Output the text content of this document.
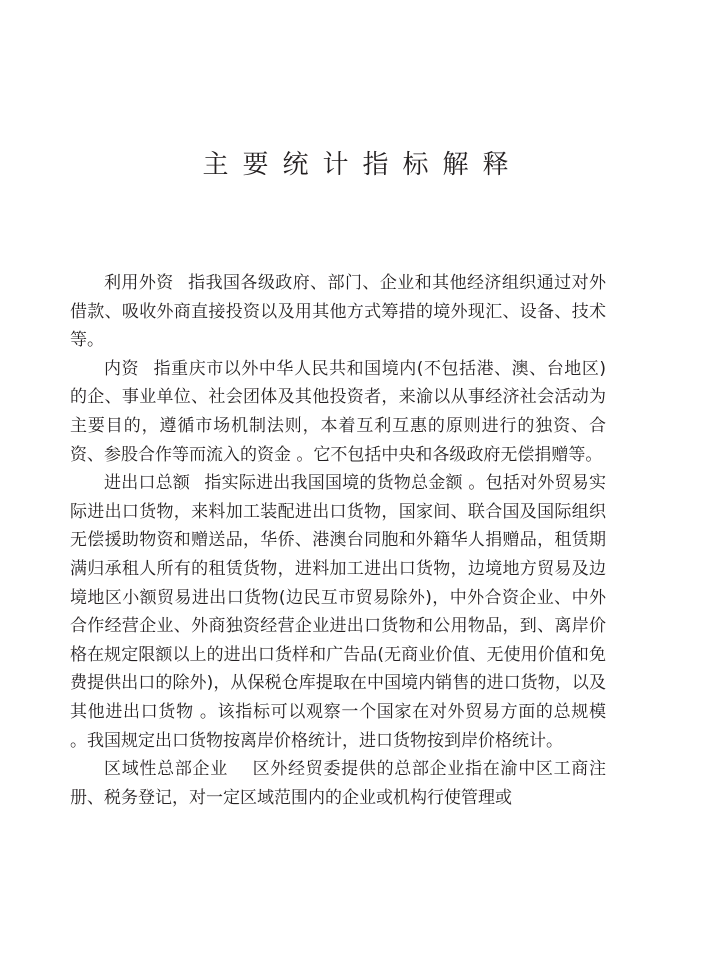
主要统计指标解释

利用外资 指我国各级政府、部门、企业和其他经济组织通过对外借款、吸收外商直接投资以及用其他方式筹措的境外现汇、设备、技术等。

内资 指重庆市以外中华人民共和国境内(不包括港、澳、台地区)的企、事业单位、社会团体及其他投资者，来渝以从事经济社会活动为主要目的，遵循市场机制法则，本着互利互惠的原则进行的独资、合资、参股合作等而流入的资金 。它不包括中央和各级政府无偿捐赠等。

进出口总额 指实际进出我国国境的货物总金额 。包括对外贸易实际进出口货物，来料加工装配进出口货物，国家间、联合国及国际组织无偿援助物资和赠送品，华侨、港澳台同胞和外籍华人捐赠品，租赁期满归承租人所有的租赁货物，进料加工进出口货物，边境地方贸易及边境地区小额贸易进出口货物(边民互市贸易除外)，中外合资企业、中外合作经营企业、外商独资经营企业进出口货物和公用物品，到、离岸价格在规定限额以上的进出口货样和广告品(无商业价值、无使用价值和免费提供出口的除外)，从保税仓库提取在中国境内销售的进口货物，以及其他进出口货物 。该指标可以观察一个国家在对外贸易方面的总规模 。我国规定出口货物按离岸价格统计，进口货物按到岸价格统计。

区域性总部企业 区外经贸委提供的总部企业指在渝中区工商注册、税务登记，对一定区域范围内的企业或机构行使管理或
